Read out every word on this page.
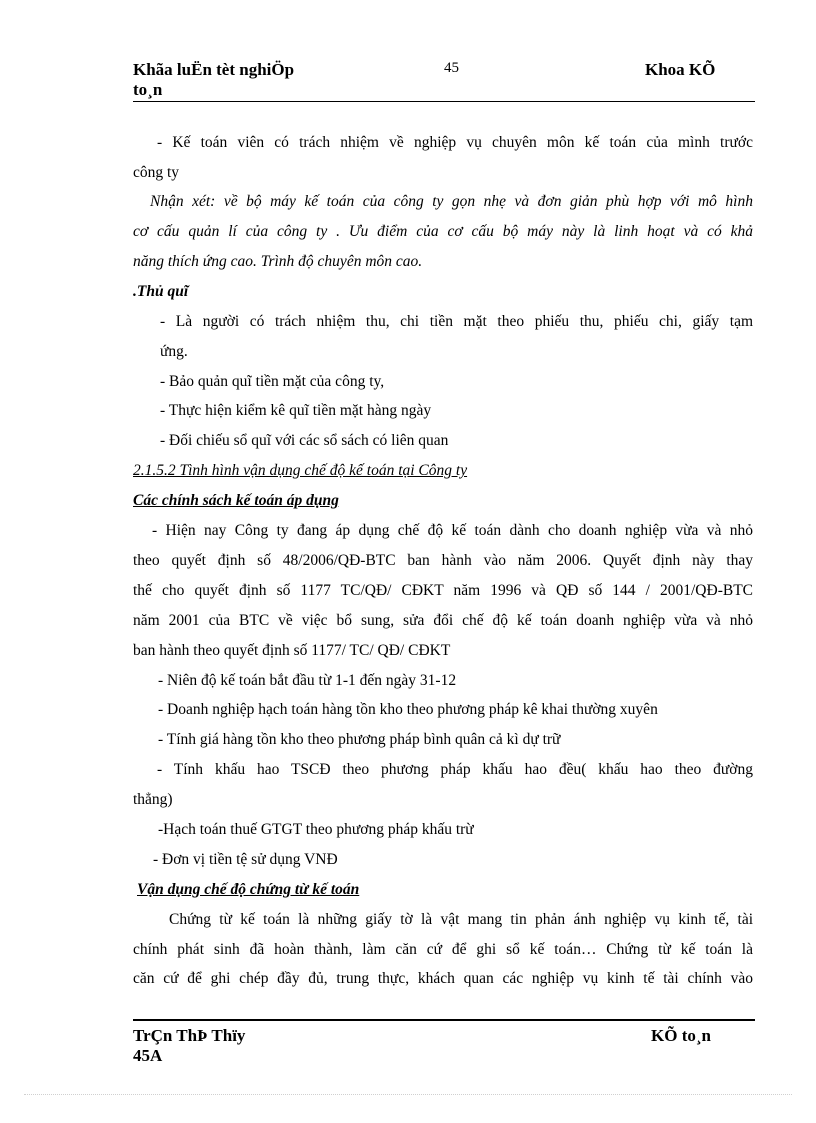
Khãa luËn tèt nghiÖp
to¸n
45	Khoa KÕ
- Kế toán viên có trách nhiệm về nghiệp vụ chuyên môn kế toán của mình trước
công ty
Nhận xét: về bộ máy kế toán của công ty gọn nhẹ và đơn giản phù hợp với mô hình
cơ cấu quản lí của công ty . Ưu điểm của cơ cấu bộ máy này là linh hoạt và có khả
năng thích ứng cao. Trình độ chuyên môn cao.
.Thủ quĩ
- Là người có trách nhiệm thu, chi tiền mặt theo phiếu thu, phiếu chi, giấy tạm
ứng.
- Bảo quản quĩ tiền mặt của công ty,
- Thực hiện kiểm kê quĩ tiền mặt hàng ngày
- Đối chiếu sổ quĩ với các sổ sách có liên quan
2.1.5.2 Tình hình vận dụng chế độ kế toán tại Công ty
Các chính sách kế toán áp dụng
- Hiện nay Công ty đang áp dụng chế độ kế toán dành cho doanh nghiệp vừa và nhỏ
theo quyết định số 48/2006/QĐ-BTC ban hành vào năm 2006. Quyết định này thay
thế cho quyết định số 1177 TC/QĐ/ CĐKT năm 1996 và QĐ số 144 / 2001/QĐ-BTC
năm 2001 của BTC về việc bổ sung, sửa đổi chế độ kế toán doanh nghiệp vừa và nhỏ
ban hành theo quyết định số 1177/ TC/ QĐ/ CĐKT
- Niên độ kế toán bắt đầu từ 1-1 đến ngày 31-12
- Doanh nghiệp hạch toán hàng tồn kho theo phương pháp kê khai thường xuyên
- Tính giá hàng tồn kho theo phương pháp bình quân cả kì dự trữ
- Tính khấu hao TSCĐ theo phương pháp khấu hao đều( khấu hao theo đường
thẳng)
-Hạch toán thuế GTGT theo phương pháp khấu trừ
- Đơn vị tiền tệ sử dụng VNĐ
Vận dụng chế độ chứng từ kế toán
Chứng từ kế toán là những giấy tờ là vật mang tin phản ánh nghiệp vụ kinh tế, tài
chính phát sinh đã hoàn thành, làm căn cứ để ghi sổ kế toán… Chứng từ kế toán là
căn cứ để ghi chép đầy đủ, trung thực, khách quan các nghiệp vụ kinh tế tài chính vào
TrÇn ThÞ Thïy
45A
KÕ to¸n
